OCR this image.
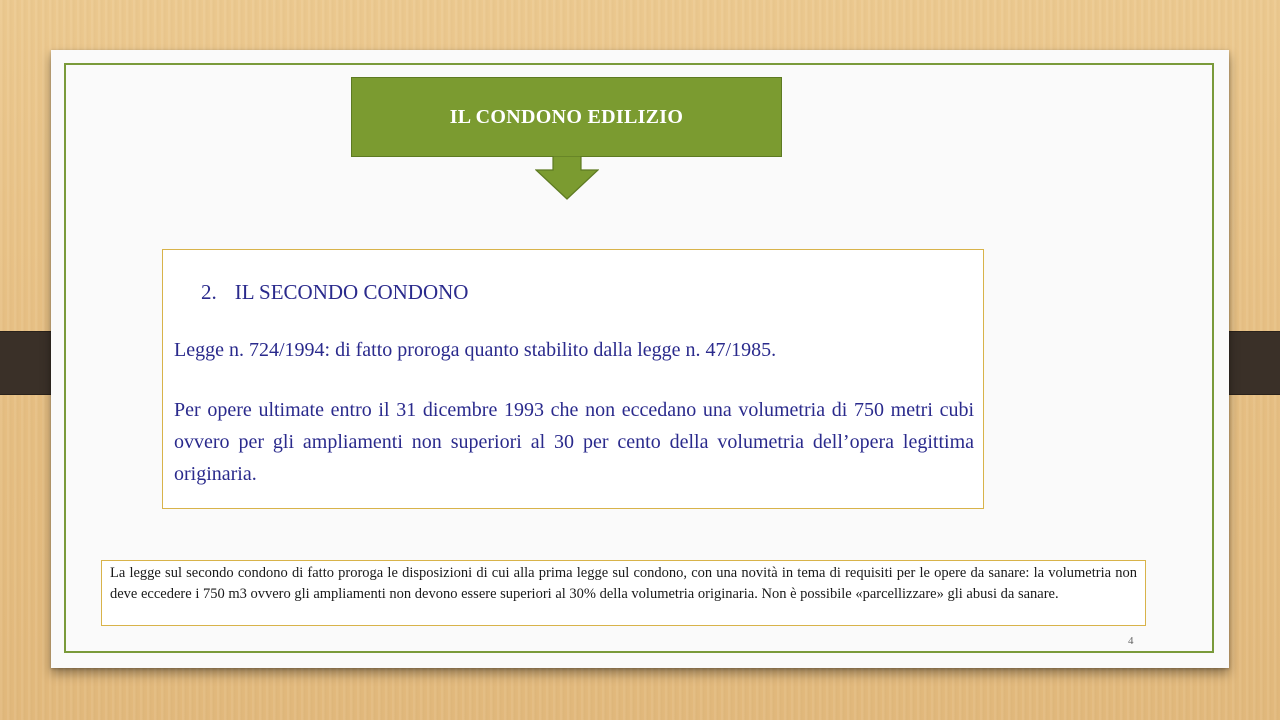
IL CONDONO EDILIZIO
2. IL SECONDO CONDONO
Legge n. 724/1994: di fatto proroga quanto stabilito dalla legge n. 47/1985.
Per opere ultimate entro il 31 dicembre 1993 che non eccedano una volumetria di 750 metri cubi ovvero per gli ampliamenti non superiori al 30 per cento della volumetria dell’opera legittima originaria.
La legge sul secondo condono di fatto proroga le disposizioni di cui alla prima legge sul condono, con una novità in tema di requisiti per le opere da sanare: la volumetria non deve eccedere i 750 m3 ovvero gli ampliamenti non devono essere superiori al 30% della volumetria originaria. Non è possibile «parcellizzare» gli abusi da sanare.
4
